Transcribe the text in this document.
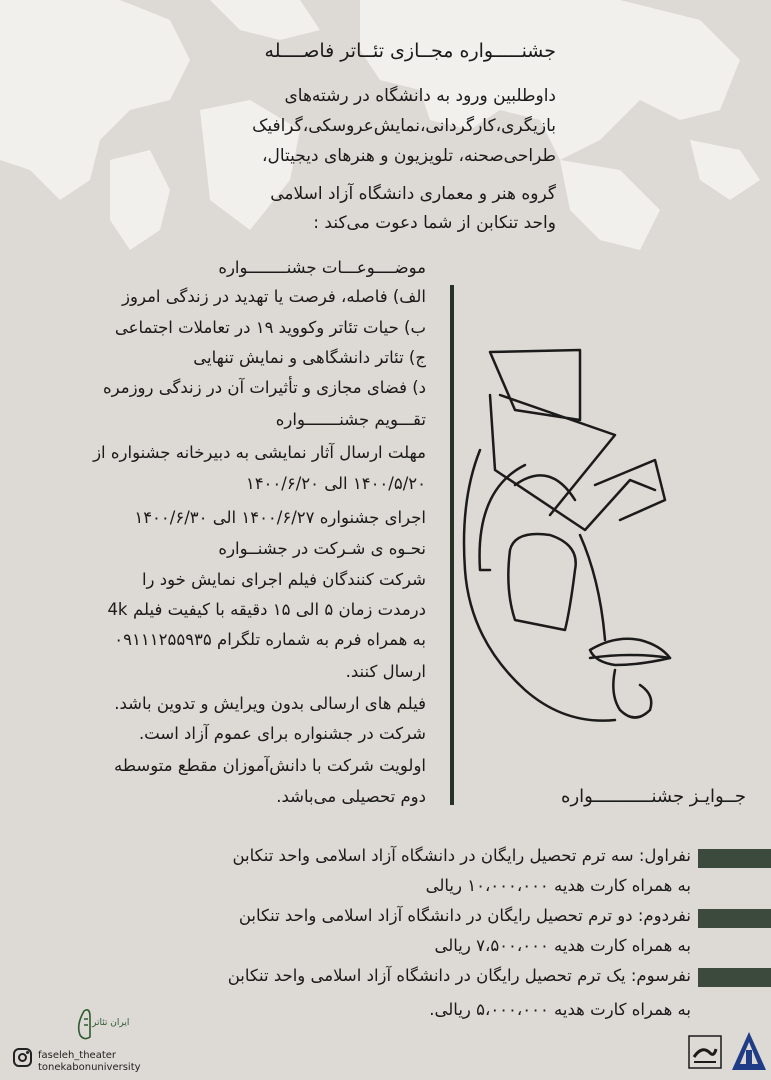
جشنـــــواره مجــازی تئــاتر فاصــــله

داوطلبین ورود به دانشگاه در رشته‌های

بازیگری،کارگردانی،نمایش‌عروسکی،گرافیک

طراحی‌صحنه، تلویزیون و هنرهای دیجیتال،

گروه هنر و معماری دانشگاه آزاد اسلامی

واحد تنکابن از شما دعوت می‌کند :

موضــــوعـــات جشنــــــــواره

الف) فاصله، فرصت یا تهدید در زندگی امروز

ب) حیات تئاتر وکووید ۱۹ در تعاملات اجتماعی

ج) تئاتر دانشگاهی و نمایش تنهایی

د) فضای مجازی و تأثیرات آن در زندگی روزمره

تقـــویم جشنـــــــواره

مهلت ارسال آثار نمایشی به دبیرخانه جشنواره از

۱۴۰۰/۵/۲۰ الی ۱۴۰۰/۶/۲۰

اجرای جشنواره ۱۴۰۰/۶/۲۷ الی ۱۴۰۰/۶/۳۰

نحـوه ی شـرکت در جشنــواره

شرکت کنندگان فیلم اجرای نمایش خود را

درمدت زمان ۵ الی ۱۵ دقیقه با کیفیت فیلم 4k

به همراه فرم به شماره تلگرام ۰۹۱۱۱۲۵۵۹۳۵

ارسال کنند.

فیلم های ارسالی بدون ویرایش و تدوین باشد.

شرکت در جشنواره برای عموم آزاد است.

اولویت شرکت با دانش‌آموزان مقطع متوسطه

دوم تحصیلی می‌باشد.	جــوایـز جشنـــــــــــواره

نفراول: سه ترم تحصیل رایگان در دانشگاه آزاد اسلامی واحد تنکابن

به همراه کارت هدیه ۱۰،۰۰۰،۰۰۰ ریالی

نفردوم: دو ترم تحصیل رایگان در دانشگاه آزاد اسلامی واحد تنکابن

به همراه کارت هدیه ۷،۵۰۰،۰۰۰ ریالی

نفرسوم: یک ترم تحصیل رایگان در دانشگاه آزاد اسلامی واحد تنکابن

به همراه کارت هدیه ۵،۰۰۰،۰۰۰ ریالی.

faseleh_theater
tonekabonuniversity
ایران تئاتر
